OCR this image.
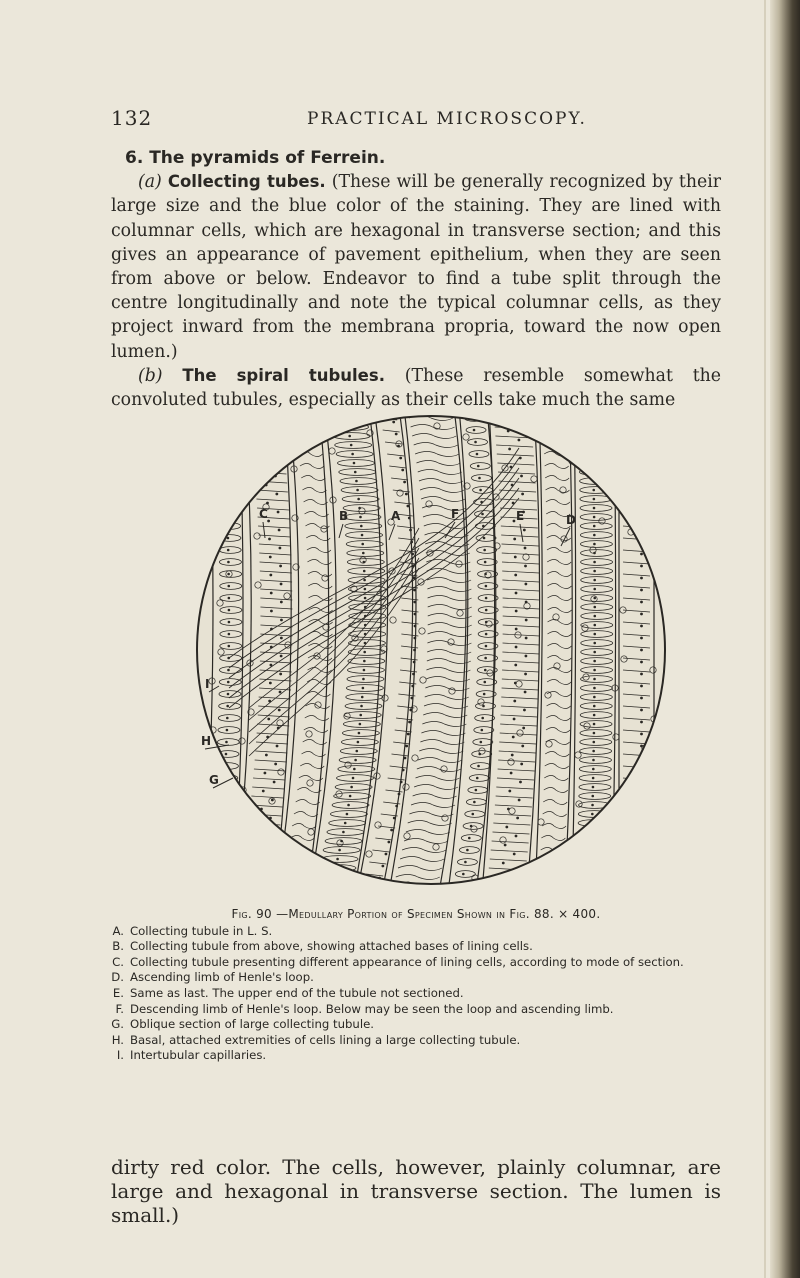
132	PRACTICAL MICROSCOPY.

6. The pyramids of Ferrein.

(a) Collecting tubes. (These will be generally recognized by their large size and the blue color of the staining. They are lined with columnar cells, which are hexagonal in transverse section; and this gives an appearance of pavement epithelium, when they are seen from above or below. Endeavor to find a tube split through the centre longitudinally and note the typical columnar cells, as they project inward from the membrana propria, toward the now open lumen.)

(b) The spiral tubules. (These resemble somewhat the convoluted tubules, especially as their cells take much the same

C	B	A	F	E	D
I
H
G
Fig. 90 —Medullary Portion of Specimen Shown in Fig. 88. × 400.
A. Collecting tubule in L. S.
B. Collecting tubule from above, showing attached bases of lining cells.
C. Collecting tubule presenting different appearance of lining cells, according to mode of section.
D. Ascending limb of Henle's loop.
E. Same as last. The upper end of the tubule not sectioned.
F. Descending limb of Henle's loop. Below may be seen the loop and ascending limb.
G. Oblique section of large collecting tubule.
H. Basal, attached extremities of cells lining a large collecting tubule.
I. Intertubular capillaries.

dirty red color. The cells, however, plainly columnar, are large and hexagonal in transverse section. The lumen is small.)
